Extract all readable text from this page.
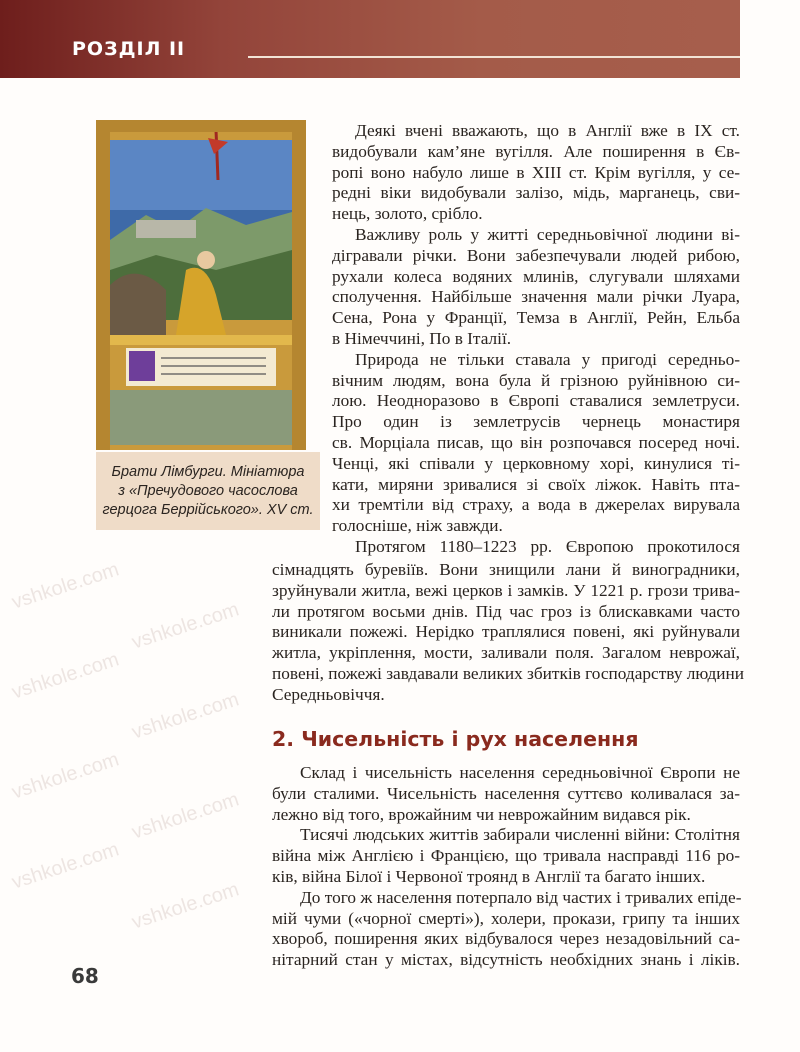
vshkole.com
vshkole.com
vshkole.com
vshkole.com
vshkole.com
vshkole.com
vshkole.com
vshkole.com
РОЗДІЛ ІІ
Брати Лімбурги. Мініатюра
з «Пречудового часослова
герцога Беррійського». XV ст.
Деякі вчені вважають, що в Англії вже в IX ст.
видобували кам’яне вугілля. Але поширення в Єв-
ропі воно набуло лише в XIII ст. Крім вугілля, у се-
редні віки видобували залізо, мідь, марганець, сви-
нець, золото, срібло.
Важливу роль у житті середньовічної людини ві-
дігравали річки. Вони забезпечували людей рибою,
рухали колеса водяних млинів, слугували шляхами
сполучення. Найбільше значення мали річки Луара,
Сена, Рона у Франції, Темза в Англії, Рейн, Ельба
в Німеччині, По в Італії.
Природа не тільки ставала у пригоді середньо-
вічним людям, вона була й грізною руйнівною си-
лою. Неодноразово в Європі ставалися землетруси.
Про один із землетрусів чернець монастиря
св. Морціала писав, що він розпочався посеред ночі.
Ченці, які співали у церковному хорі, кинулися ті-
кати, миряни зривалися зі своїх ліжок. Навіть пта-
хи тремтіли від страху, а вода в джерелах вирувала
голосніше, ніж завжди.
Протягом 1180–1223 рр. Європою прокотилося
сімнадцять буревіїв. Вони знищили лани й виноградники,
зруйнували житла, вежі церков і замків. У 1221 р. грози трива-
ли протягом восьми днів. Під час гроз із блискавками часто
виникали пожежі. Нерідко траплялися повені, які руйнували
житла, укріплення, мости, заливали поля. Загалом неврожаї,
повені, пожежі завдавали великих збитків господарству людини
Середньовіччя.
2. Чисельність і рух населення
Склад і чисельність населення середньовічної Європи не
були сталими. Чисельність населення суттєво коливалася за-
лежно від того, врожайним чи неврожайним видався рік.
Тисячі людських життів забирали численні війни: Столітня
війна між Англією і Францією, що тривала насправді 116 ро-
ків, війна Білої і Червоної троянд в Англії та багато інших.
До того ж населення потерпало від частих і тривалих епіде-
мій чуми («чорної смерті»), холери, прокази, грипу та інших
хвороб, поширення яких відбувалося через незадовільний са-
нітарний стан у містах, відсутність необхідних знань і ліків.
68
